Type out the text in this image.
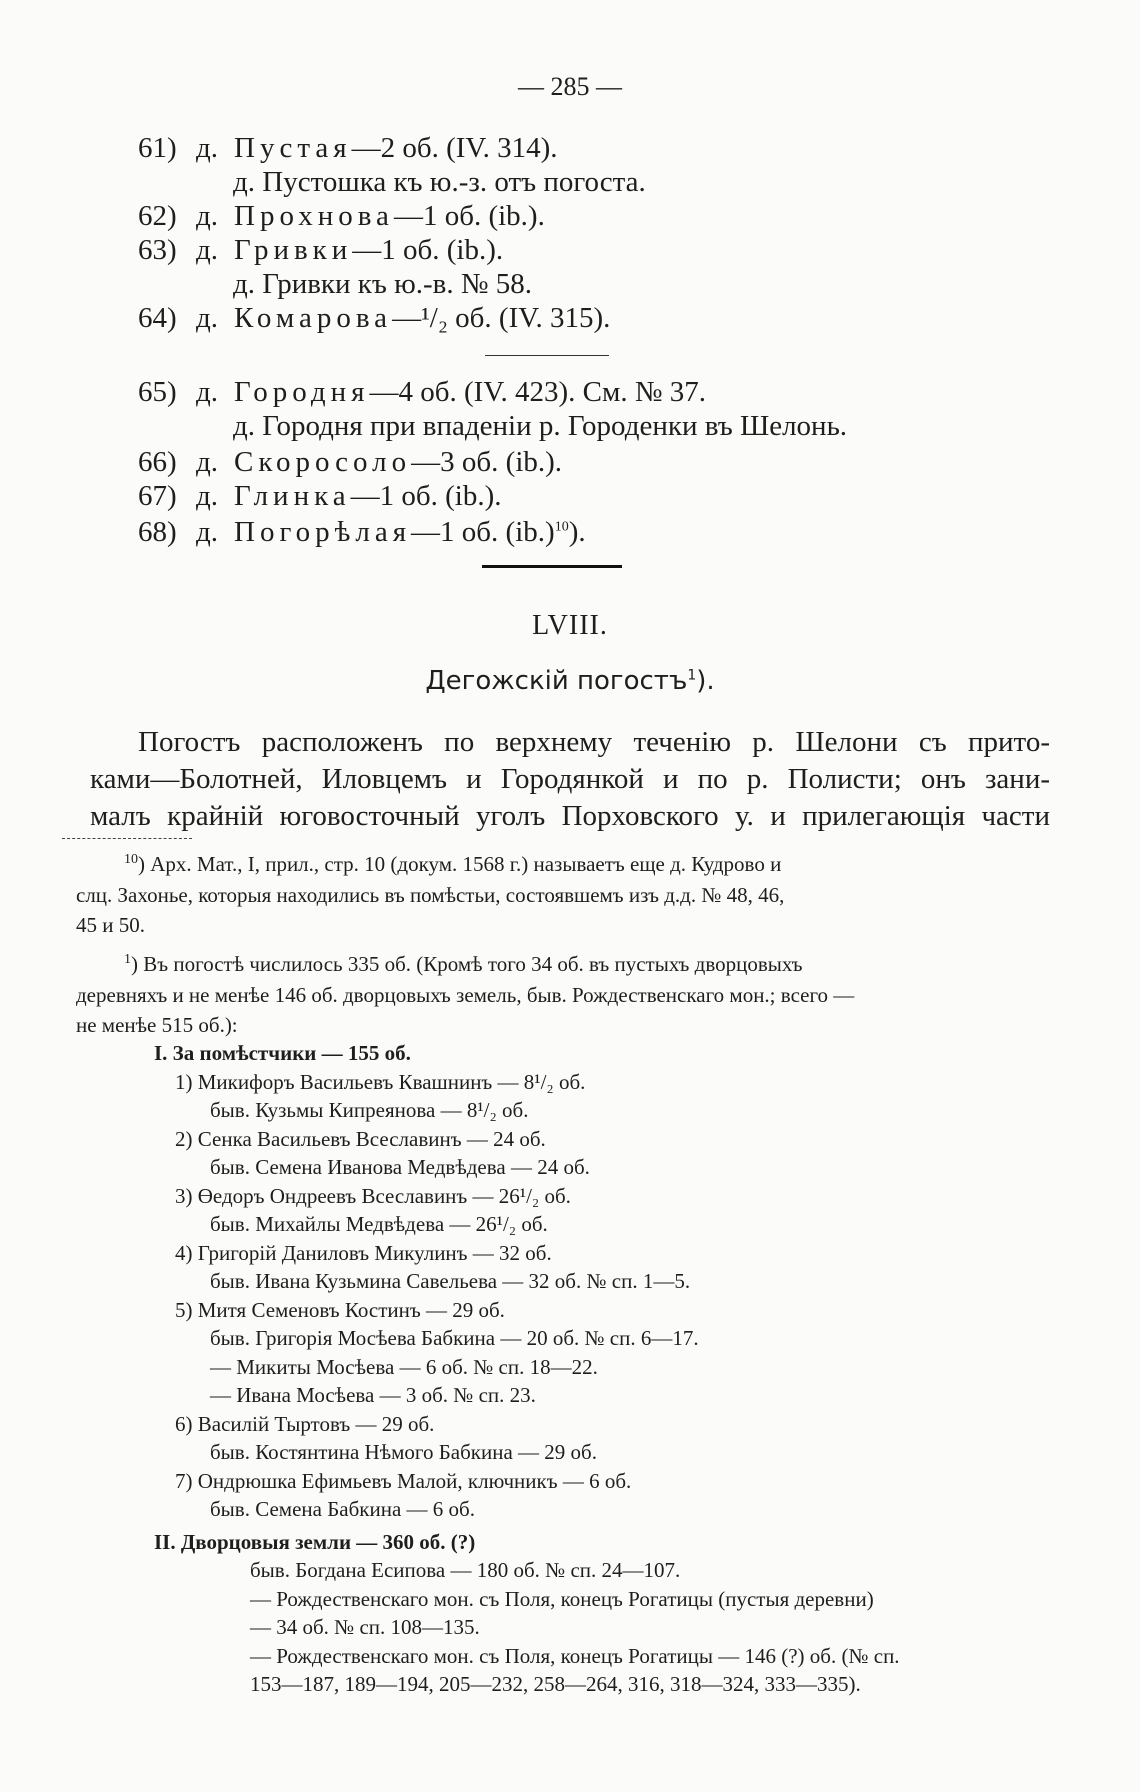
— 285 —
61) д. Пустая—2 об. (IV. 314).
д. Пустошка къ ю.-з. отъ погоста.
62) д. Прохнова—1 об. (ib.).
63) д. Гривки—1 об. (ib.).
д. Гривки къ ю.-в. № 58.
64) д. Комарова—¹/₂ об. (IV. 315).
65) д. Городня—4 об. (IV. 423). См. № 37.
д. Городня при впаденіи р. Городенки въ Шелонь.
66) д. Скоросоло—3 об. (ib.).
67) д. Глинка—1 об. (ib.).
68) д. Погорѣлая—1 об. $(ib.)^{10}$).
LVIII.
Дегожскій погостъ$^1$).
Погостъ расположенъ по верхнему теченію р. Шелони съ прито-
ками—Болотней, Иловцемъ и Городянкой и по р. Полисти; онъ зани-
малъ крайній юговосточный уголъ Порховского у. и прилегающія части
$^{10}$) Арх. Мат., I, прил., стр. 10 (докум. 1568 г.) называетъ еще д. Кудрово и
слц. Захонье, которыя находились въ помѣстьи, состоявшемъ изъ д.д. № 48, 46,
45 и 50.
$^1$) Въ погостѣ числилось 335 об. (Кромѣ того 34 об. въ пустыхъ дворцовыхъ
деревняхъ и не менѣе 146 об. дворцовыхъ земель, быв. Рождественскаго мон.; всего —
не менѣе 515 об.):
I. За помѣстчики — 155 об.
1) Микифоръ Васильевъ Квашнинъ — 8¹/₂ об.
быв. Кузьмы Кипреянова — 8¹/₂ об.
2) Сенка Васильевъ Всеславинъ — 24 об.
быв. Семена Иванова Медвѣдева — 24 об.
3) Өедоръ Ондреевъ Всеславинъ — 26¹/₂ об.
быв. Михайлы Медвѣдева — 26¹/₂ об.
4) Григорій Даниловъ Микулинъ — 32 об.
быв. Ивана Кузьмина Савельева — 32 об. № сп. 1—5.
5) Митя Семеновъ Костинъ — 29 об.
быв. Григорія Мосѣева Бабкина — 20 об. № сп. 6—17.
— Микиты Мосѣева — 6 об. № сп. 18—22.
— Ивана Мосѣева — 3 об. № сп. 23.
6) Василій Тыртовъ — 29 об.
быв. Костянтина Нѣмого Бабкина — 29 об.
7) Ондрюшка Ефимьевъ Малой, ключникъ — 6 об.
быв. Семена Бабкина — 6 об.
II. Дворцовыя земли — 360 об. (?)
быв. Богдана Есипова — 180 об. № сп. 24—107.
— Рождественскаго мон. съ Поля, конецъ Рогатицы (пустыя деревни)
— 34 об. № сп. 108—135.
— Рождественскаго мон. съ Поля, конецъ Рогатицы — 146 (?) об. (№ сп.
153—187, 189—194, 205—232, 258—264, 316, 318—324, 333—335).
